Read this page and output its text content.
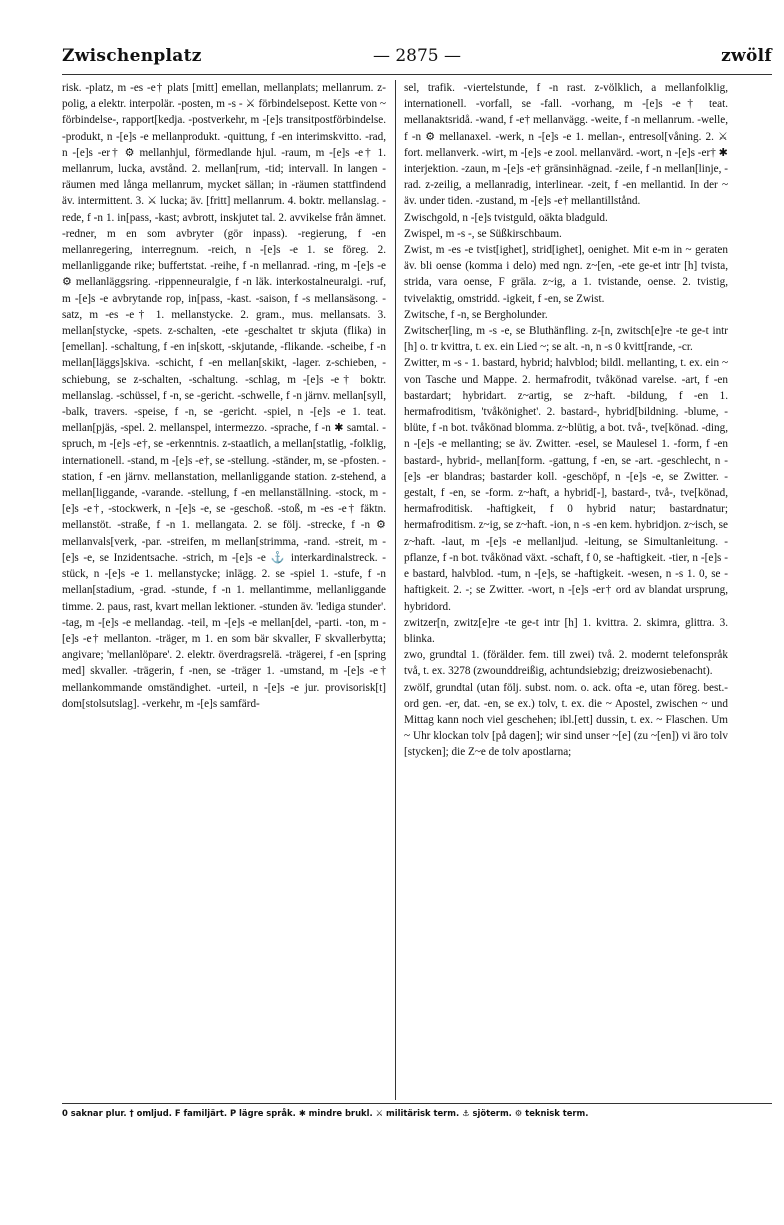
Zwischenplatz	— 2875 —	zwölf

risk. -platz, m -es -e† plats [mitt] emellan, mellanplats; mellanrum. z-polig, a elektr. interpolär. -posten, m -s - ⚔ förbindelsepost. Kette von ~ förbindelse-, rapport[kedja. -postverkehr, m -[e]s transitpostförbindelse. -produkt, n -[e]s -e mellanprodukt. -quittung, f -en interimskvitto. -rad, n -[e]s -er† ⚙ mellanhjul, förmedlande hjul. -raum, m -[e]s -e† 1. mellanrum, lucka, avstånd. 2. mellan[rum, -tid; intervall. In langen -räumen med långa mellanrum, mycket sällan; in -räumen stattfindend äv. intermittent. 3. ⚔ lucka; äv. [fritt] mellanrum. 4. boktr. mellanslag. -rede, f -n 1. in[pass, -kast; avbrott, inskjutet tal. 2. avvikelse från ämnet. -redner, m en som avbryter (gör inpass). -regierung, f -en mellanregering, interregnum. -reich, n -[e]s -e 1. se föreg. 2. mellanliggande rike; buffertstat. -reihe, f -n mellanrad. -ring, m -[e]s -e ⚙ mellanläggsring. -rippenneuralgie, f -n läk. interkostalneuralgi. -ruf, m -[e]s -e avbrytande rop, in[pass, -kast. -saison, f -s mellansäsong. -satz, m -es -e† 1. mellanstycke. 2. gram., mus. mellansats. 3. mellan[stycke, -spets. z-schalten, -ete -geschaltet tr skjuta (flika) in [emellan]. -schaltung, f -en in[skott, -skjutande, -flikande. -scheibe, f -n mellan[läggs]skiva. -schicht, f -en mellan[skikt, -lager. z-schieben, -schiebung, se z-schalten, -schaltung. -schlag, m -[e]s -e† boktr. mellanslag. -schüssel, f -n, se -gericht. -schwelle, f -n järnv. mellan[syll, -balk, travers. -speise, f -n, se -gericht. -spiel, n -[e]s -e 1. teat. mellan[pjäs, -spel. 2. mellanspel, intermezzo. -sprache, f -n ✱ samtal. -spruch, m -[e]s -e†, se -erkenntnis. z-staatlich, a mellan[statlig, -folklig, internationell. -stand, m -[e]s -e†, se -stellung. -ständer, m, se -pfosten. -station, f -en järnv. mellanstation, mellanliggande station. z-stehend, a mellan[liggande, -varande. -stellung, f -en mellanställning. -stock, m -[e]s -e†, -stockwerk, n -[e]s -e, se -geschoß. -stoß, m -es -e† fäktn. mellanstöt. -straße, f -n 1. mellangata. 2. se följ. -strecke, f -n ⚙ mellanvals[verk, -par. -streifen, m mellan[strimma, -rand. -streit, m -[e]s -e, se Inzidentsache. -strich, m -[e]s -e ⚓ interkardinalstreck. -stück, n -[e]s -e 1. mellanstycke; inlägg. 2. se -spiel 1. -stufe, f -n mellan[stadium, -grad. -stunde, f -n 1. mellantimme, mellanliggande timme. 2. paus, rast, kvart mellan lektioner. -stunden äv. 'lediga stunder'. -tag, m -[e]s -e mellandag. -teil, m -[e]s -e mellan[del, -parti. -ton, m -[e]s -e† mellanton. -träger, m 1. en som bär skvaller, F skvallerbytta; angivare; 'mellanlöpare'. 2. elektr. överdragsrelä. -trägerei, f -en [spring med] skvaller. -trägerin, f -nen, se -träger 1. -umstand, m -[e]s -e† mellankommande omständighet. -urteil, n -[e]s -e jur. provisorisk[t] dom[stolsutslag]. -verkehr, m -[e]s samfärd-

sel, trafik. -viertelstunde, f -n rast. z-völklich, a mellanfolklig, internationell. -vorfall, se -fall. -vorhang, m -[e]s -e† teat. mellanaktsridå. -wand, f -e† mellanvägg. -weite, f -n mellanrum. -welle, f -n ⚙ mellanaxel. -werk, n -[e]s -e 1. mellan-, entresol[våning. 2. ⚔ fort. mellanverk. -wirt, m -[e]s -e zool. mellanvärd. -wort, n -[e]s -er† ✱ interjektion. -zaun, m -[e]s -e† gränsinhägnad. -zeile, f -n mellan[linje, -rad. z-zeilig, a mellanradig, interlinear. -zeit, f -en mellantid. In der ~ äv. under tiden. -zustand, m -[e]s -e† mellantillstånd.

Zwischgold, n -[e]s tvistguld, oäkta bladguld.

Zwispel, m -s -, se Süßkirschbaum.

Zwist, m -es -e tvist[ighet], strid[ighet], oenighet. Mit e-m in ~ geraten äv. bli oense (komma i delo) med ngn. z~[en, -ete ge-et intr [h] tvista, strida, vara oense, F gräla. z~ig, a 1. tvistande, oense. 2. tvistig, tvivelaktig, omstridd. -igkeit, f -en, se Zwist.

Zwitsche, f -n, se Bergholunder.

Zwitscher[ling, m -s -e, se Bluthänfling. z-[n, zwitsch[e]re -te ge-t intr [h] o. tr kvittra, t. ex. ein Lied ~; se alt. -n, n -s 0 kvitt[rande, -cr.

Zwitter, m -s - 1. bastard, hybrid; halvblod; bildl. mellanting, t. ex. ein ~ von Tasche und Mappe. 2. hermafrodit, tvåkönad varelse. -art, f -en bastardart; hybridart. z~artig, se z~haft. -bildung, f -en 1. hermafroditism, 'tvåkönighet'. 2. bastard-, hybrid[bildning. -blume, -blüte, f -n bot. tvåkönad blomma. z~blütig, a bot. två-, tve[könad. -ding, n -[e]s -e mellanting; se äv. Zwitter. -esel, se Maulesel 1. -form, f -en bastard-, hybrid-, mellan[form. -gattung, f -en, se -art. -geschlecht, n -[e]s -er blandras; bastarder koll. -geschöpf, n -[e]s -e, se Zwitter. -gestalt, f -en, se -form. z~haft, a hybrid[-], bastard-, två-, tve[könad, hermafroditisk. -haftigkeit, f 0 hybrid natur; bastardnatur; hermafroditism. z~ig, se z~haft. -ion, n -s -en kem. hybridjon. z~isch, se z~haft. -laut, m -[e]s -e mellanljud. -leitung, se Simultanleitung. -pflanze, f -n bot. tvåkönad växt. -schaft, f 0, se -haftigkeit. -tier, n -[e]s -e bastard, halvblod. -tum, n -[e]s, se -haftigkeit. -wesen, n -s 1. 0, se -haftigkeit. 2. -; se Zwitter. -wort, n -[e]s -er† ord av blandat ursprung, hybridord.

zwitzer[n, zwitz[e]re -te ge-t intr [h] 1. kvittra. 2. skimra, glittra. 3. blinka.

zwo, grundtal 1. (förälder. fem. till zwei) två. 2. modernt telefonspråk två, t. ex. 3278 (zwounddreißig, achtundsiebzig; dreizwosiebenacht).

zwölf, grundtal (utan följ. subst. nom. o. ack. ofta -e, utan föreg. best.-ord gen. -er, dat. -en, se ex.) tolv, t. ex. die ~ Apostel, zwischen ~ und Mittag kann noch viel geschehen; ibl.[ett] dussin, t. ex. ~ Flaschen. Um ~ Uhr klockan tolv [på dagen]; wir sind unser ~[e] (zu ~[en]) vi äro tolv [stycken]; die Z~e de tolv apostlarna;

0 saknar plur. † omljud. F familjärt. P lägre språk. ✱ mindre brukl. ⚔ militärisk term. ⚓ sjöterm. ⚙ teknisk term.
